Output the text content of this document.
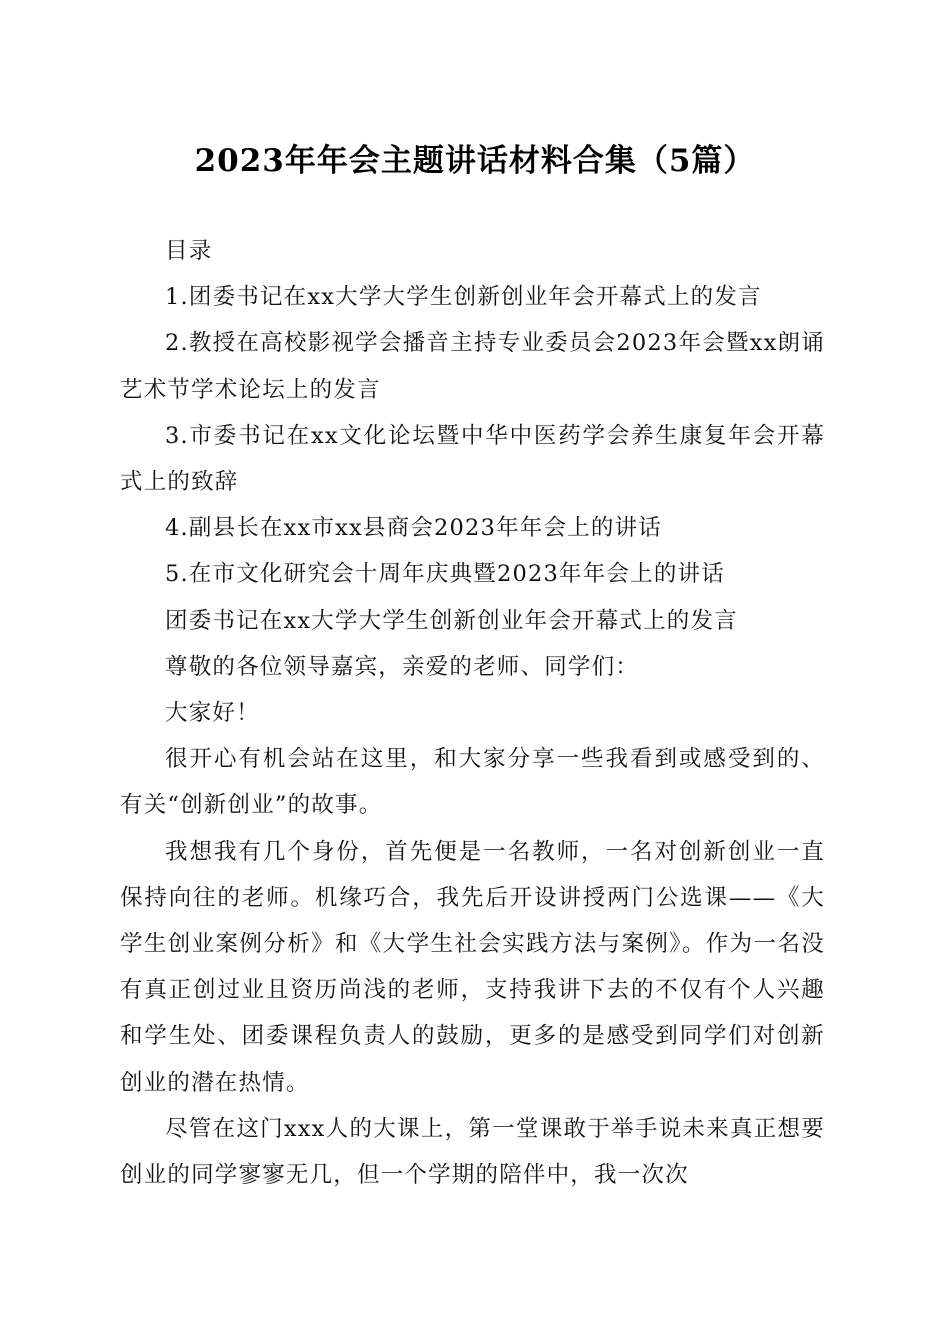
2023年年会主题讲话材料合集（5篇）

目录

1.团委书记在xx大学大学生创新创业年会开幕式上的发言

2.教授在高校影视学会播音主持专业委员会2023年会暨xx朗诵艺术节学术论坛上的发言

3.市委书记在xx文化论坛暨中华中医药学会养生康复年会开幕式上的致辞

4.副县长在xx市xx县商会2023年年会上的讲话

5.在市文化研究会十周年庆典暨2023年年会上的讲话

团委书记在xx大学大学生创新创业年会开幕式上的发言

尊敬的各位领导嘉宾，亲爱的老师、同学们：

大家好！

很开心有机会站在这里，和大家分享一些我看到或感受到的、有关“创新创业”的故事。

我想我有几个身份，首先便是一名教师，一名对创新创业一直保持向往的老师。机缘巧合，我先后开设讲授两门公选课——《大学生创业案例分析》和《大学生社会实践方法与案例》。作为一名没有真正创过业且资历尚浅的老师，支持我讲下去的不仅有个人兴趣和学生处、团委课程负责人的鼓励，更多的是感受到同学们对创新创业的潜在热情。

尽管在这门xxx人的大课上，第一堂课敢于举手说未来真正想要创业的同学寥寥无几，但一个学期的陪伴中，我一次次
